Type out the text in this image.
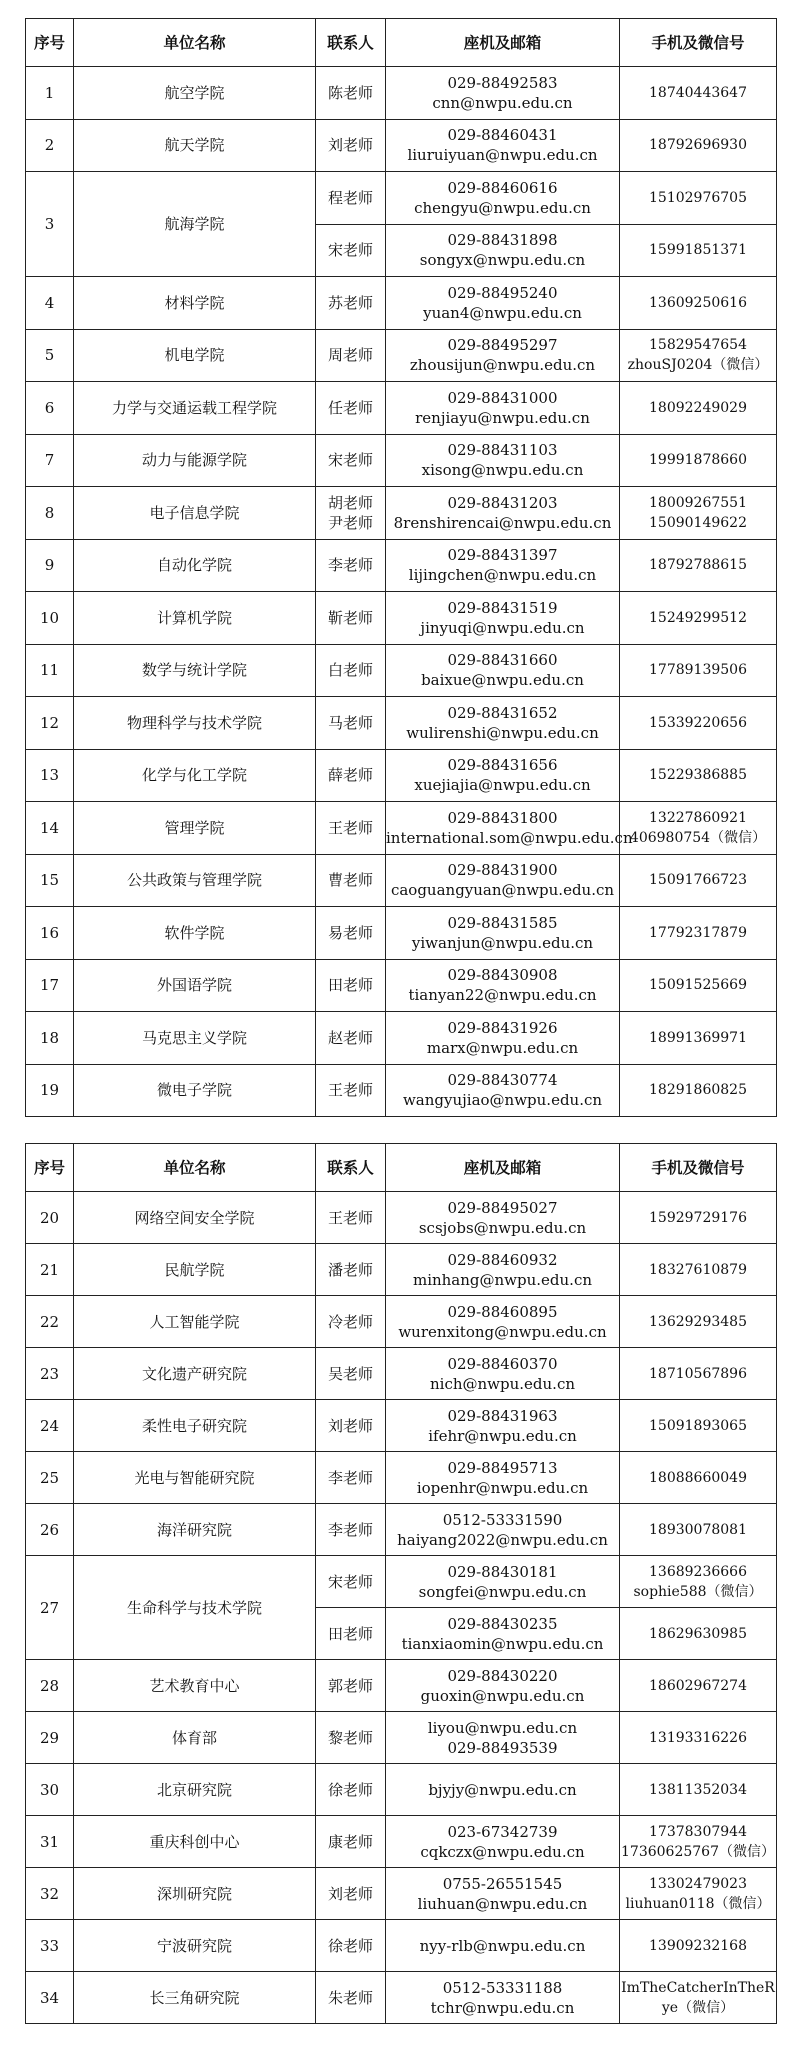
序号	单位名称	联系人	座机及邮箱	手机及微信号
1	航空学院	陈老师	029-88492583
cnn@nwpu.edu.cn	18740443647

2	航天学院	刘老师	029-88460431
liuruiyuan@nwpu.edu.cn	18792696930

3	航海学院	程老师	029-88460616
chengyu@nwpu.edu.cn	15102976705

		宋老师	029-88431898
songyx@nwpu.edu.cn	15991851371

4	材料学院	苏老师	029-88495240
yuan4@nwpu.edu.cn	13609250616

5	机电学院	周老师	029-88495297
zhousijun@nwpu.edu.cn	15829547654
zhouSJ0204（微信）

6	力学与交通运载工程学院	任老师	029-88431000
renjiayu@nwpu.edu.cn	18092249029

7	动力与能源学院	宋老师	029-88431103
xisong@nwpu.edu.cn	19991878660

8	电子信息学院	胡老师
尹老师	029-88431203
8renshirencai@nwpu.edu.cn	18009267551
15090149622

9	自动化学院	李老师	029-88431397
lijingchen@nwpu.edu.cn	18792788615

10	计算机学院	靳老师	029-88431519
jinyuqi@nwpu.edu.cn	15249299512

11	数学与统计学院	白老师	029-88431660
baixue@nwpu.edu.cn	17789139506

12	物理科学与技术学院	马老师	029-88431652
wulirenshi@nwpu.edu.cn	15339220656

13	化学与化工学院	薛老师	029-88431656
xuejiajia@nwpu.edu.cn	15229386885

14	管理学院	王老师	029-88431800
international.som@nwpu.edu.cn	13227860921
406980754（微信）

15	公共政策与管理学院	曹老师	029-88431900
caoguangyuan@nwpu.edu.cn	15091766723

16	软件学院	易老师	029-88431585
yiwanjun@nwpu.edu.cn	17792317879

17	外国语学院	田老师	029-88430908
tianyan22@nwpu.edu.cn	15091525669

18	马克思主义学院	赵老师	029-88431926
marx@nwpu.edu.cn	18991369971

19	微电子学院	王老师	029-88430774
wangyujiao@nwpu.edu.cn	18291860825
序号	单位名称	联系人	座机及邮箱	手机及微信号
20	网络空间安全学院	王老师	029-88495027
scsjobs@nwpu.edu.cn	15929729176

21	民航学院	潘老师	029-88460932
minhang@nwpu.edu.cn	18327610879

22	人工智能学院	冷老师	029-88460895
wurenxitong@nwpu.edu.cn	13629293485

23	文化遗产研究院	吴老师	029-88460370
nich@nwpu.edu.cn	18710567896

24	柔性电子研究院	刘老师	029-88431963
ifehr@nwpu.edu.cn	15091893065

25	光电与智能研究院	李老师	029-88495713
iopenhr@nwpu.edu.cn	18088660049

26	海洋研究院	李老师	0512-53331590
haiyang2022@nwpu.edu.cn	18930078081

27	生命科学与技术学院	宋老师	029-88430181
songfei@nwpu.edu.cn	13689236666
sophie588（微信）

		田老师	029-88430235
tianxiaomin@nwpu.edu.cn	18629630985

28	艺术教育中心	郭老师	029-88430220
guoxin@nwpu.edu.cn	18602967274

29	体育部	黎老师	liyou@nwpu.edu.cn
029-88493539	13193316226

30	北京研究院	徐老师	bjyjy@nwpu.edu.cn	13811352034

31	重庆科创中心	康老师	023-67342739
cqkczx@nwpu.edu.cn	17378307944
17360625767（微信）

32	深圳研究院	刘老师	0755-26551545
liuhuan@nwpu.edu.cn	13302479023
liuhuan0118（微信）

33	宁波研究院	徐老师	nyy-rlb@nwpu.edu.cn	13909232168

34	长三角研究院	朱老师	0512-53331188
tchr@nwpu.edu.cn	ImTheCatcherInTheR
ye（微信）
